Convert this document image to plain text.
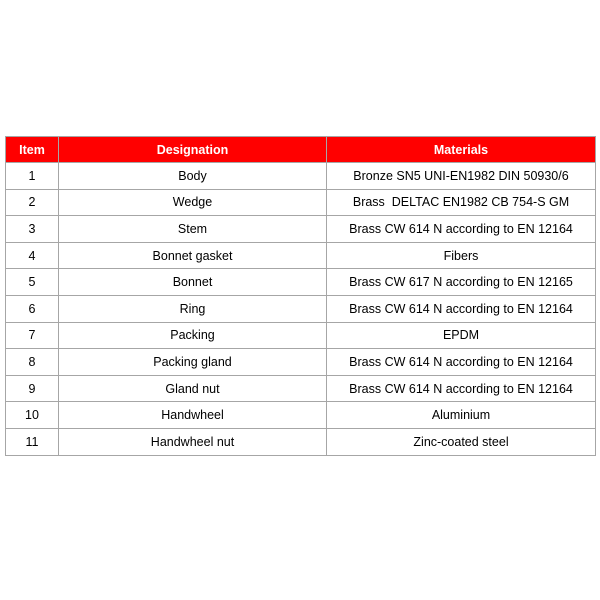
Item	Designation	Materials
1	Body	Bronze SN5 UNI-EN1982 DIN 50930/6
2	Wedge	Brass  DELTAC EN1982 CB 754-S GM
3	Stem	Brass CW 614 N according to EN 12164
4	Bonnet gasket	Fibers
5	Bonnet	Brass CW 617 N according to EN 12165
6	Ring	Brass CW 614 N according to EN 12164
7	Packing	EPDM
8	Packing gland	Brass CW 614 N according to EN 12164
9	Gland nut	Brass CW 614 N according to EN 12164
10	Handwheel	Aluminium
11	Handwheel nut	Zinc-coated steel
